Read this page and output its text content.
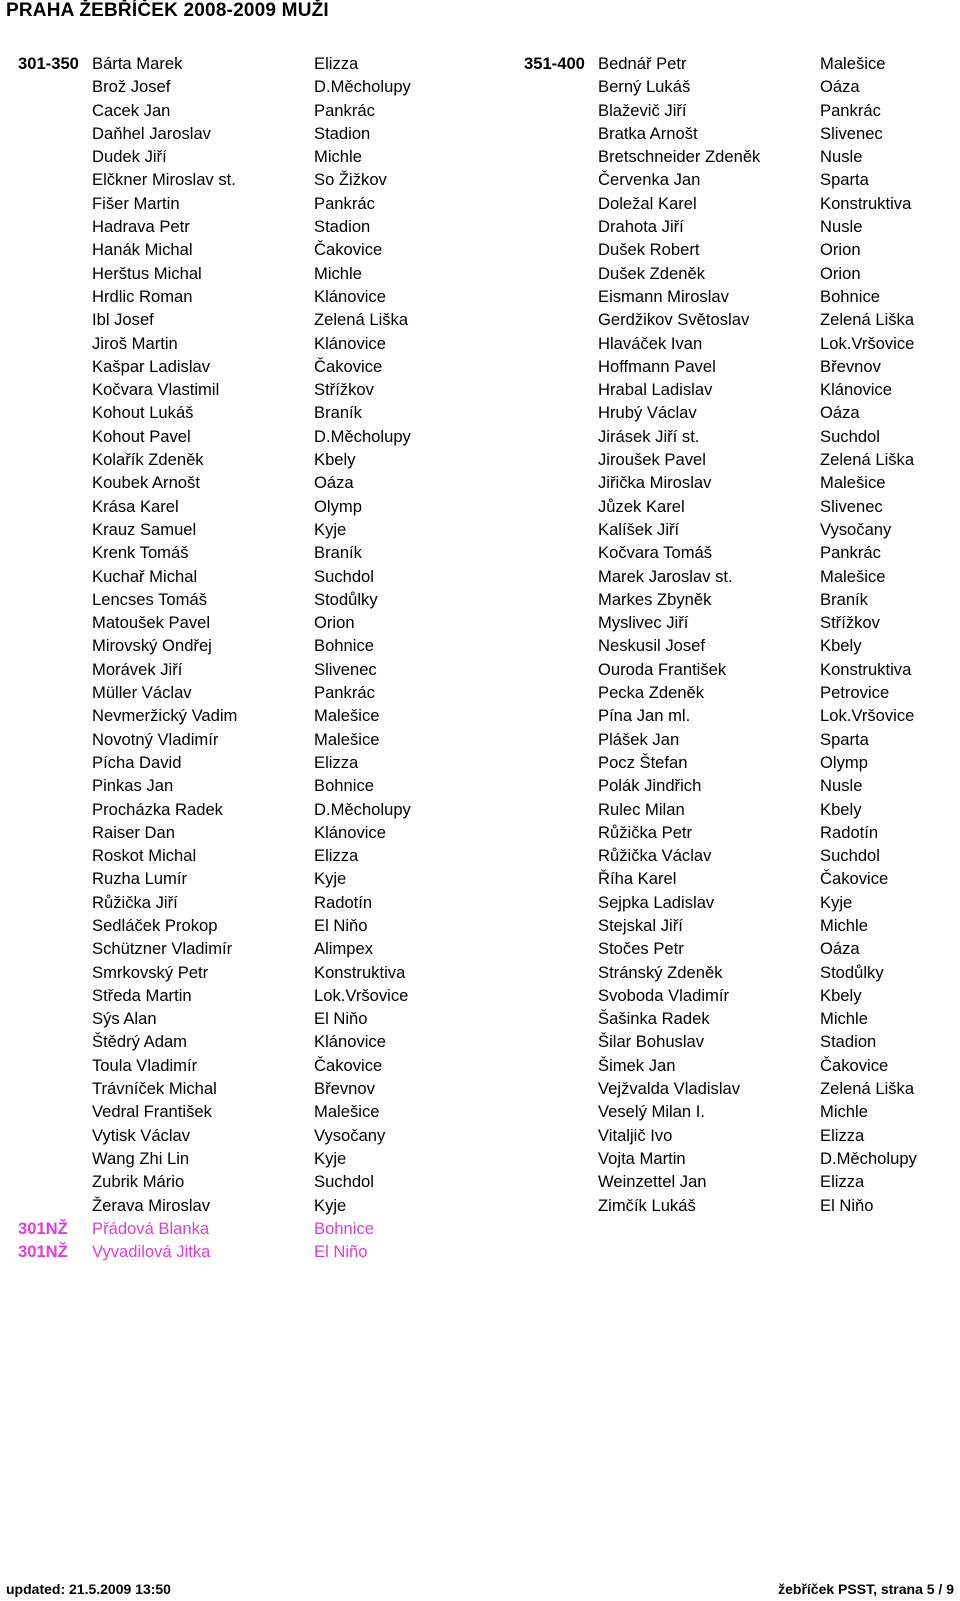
PRAHA ŽEBŘÍČEK 2008-2009 MUŽI
301-350 Bárta Marek	Elizza
Brož Josef	D.Měcholupy
Cacek Jan	Pankrác
Daňhel Jaroslav	Stadion
Dudek Jiří	Michle
Elčkner Miroslav st.	So Žižkov
Fišer Martin	Pankrác
Hadrava Petr	Stadion
Hanák Michal	Čakovice
Herštus Michal	Michle
Hrdlic Roman	Klánovice
Ibl Josef	Zelená Liška
Jiroš Martin	Klánovice
Kašpar Ladislav	Čakovice
Kočvara Vlastimil	Střížkov
Kohout Lukáš	Braník
Kohout Pavel	D.Měcholupy
Kolařík Zdeněk	Kbely
Koubek Arnošt	Oáza
Krása Karel	Olymp
Krauz Samuel	Kyje
Krenk Tomáš	Braník
Kuchař Michal	Suchdol
Lencses Tomáš	Stodůlky
Matoušek Pavel	Orion
Mirovský Ondřej	Bohnice
Morávek Jiří	Slivenec
Müller Václav	Pankrác
Nevmeržický Vadim	Malešice
Novotný Vladimír	Malešice
Pícha David	Elizza
Pinkas Jan	Bohnice
Procházka Radek	D.Měcholupy
Raiser Dan	Klánovice
Roskot Michal	Elizza
Ruzha Lumír	Kyje
Růžička Jiří	Radotín
Sedláček Prokop	El Niňo
Schützner Vladimír	Alimpex
Smrkovský Petr	Konstruktiva
Středa Martin	Lok.Vršovice
Sýs Alan	El Niňo
Štědrý Adam	Klánovice
Toula Vladimír	Čakovice
Trávníček Michal	Břevnov
Vedral František	Malešice
Vytisk Václav	Vysočany
Wang Zhi Lin	Kyje
Zubrik Mário	Suchdol
Žerava Miroslav	Kyje
301NŽ Přádová Blanka	Bohnice
301NŽ Vyvadilová Jitka	El Niño
351-400 Bednář Petr	Malešice
Berný Lukáš	Oáza
Blaževič Jiří	Pankrác
Bratka Arnošt	Slivenec
Bretschneider Zdeněk	Nusle
Červenka Jan	Sparta
Doležal Karel	Konstruktiva
Drahota Jiří	Nusle
Dušek Robert	Orion
Dušek Zdeněk	Orion
Eismann Miroslav	Bohnice
Gerdžikov Světoslav	Zelená Liška
Hlaváček Ivan	Lok.Vršovice
Hoffmann Pavel	Břevnov
Hrabal Ladislav	Klánovice
Hrubý Václav	Oáza
Jirásek Jiří st.	Suchdol
Jiroušek Pavel	Zelená Liška
Jiřička Miroslav	Malešice
Jůzek Karel	Slivenec
Kalíšek Jiří	Vysočany
Kočvara Tomáš	Pankrác
Marek Jaroslav st.	Malešice
Markes Zbyněk	Braník
Myslivec Jiří	Střížkov
Neskusil Josef	Kbely
Ouroda František	Konstruktiva
Pecka Zdeněk	Petrovice
Pína Jan ml.	Lok.Vršovice
Plášek Jan	Sparta
Pocz Štefan	Olymp
Polák Jindřich	Nusle
Rulec Milan	Kbely
Růžička Petr	Radotín
Růžička Václav	Suchdol
Říha Karel	Čakovice
Sejpka Ladislav	Kyje
Stejskal Jiří	Michle
Stočes Petr	Oáza
Stránský Zdeněk	Stodůlky
Svoboda Vladimír	Kbely
Šašinka Radek	Michle
Šilar Bohuslav	Stadion
Šimek Jan	Čakovice
Vejžvalda Vladislav	Zelená Liška
Veselý Milan I.	Michle
Vitaljič Ivo	Elizza
Vojta Martin	D.Měcholupy
Weinzettel Jan	Elizza
Zimčík Lukáš	El Niňo
updated: 21.5.2009 13:50	žebříček PSST, strana 5 / 9
